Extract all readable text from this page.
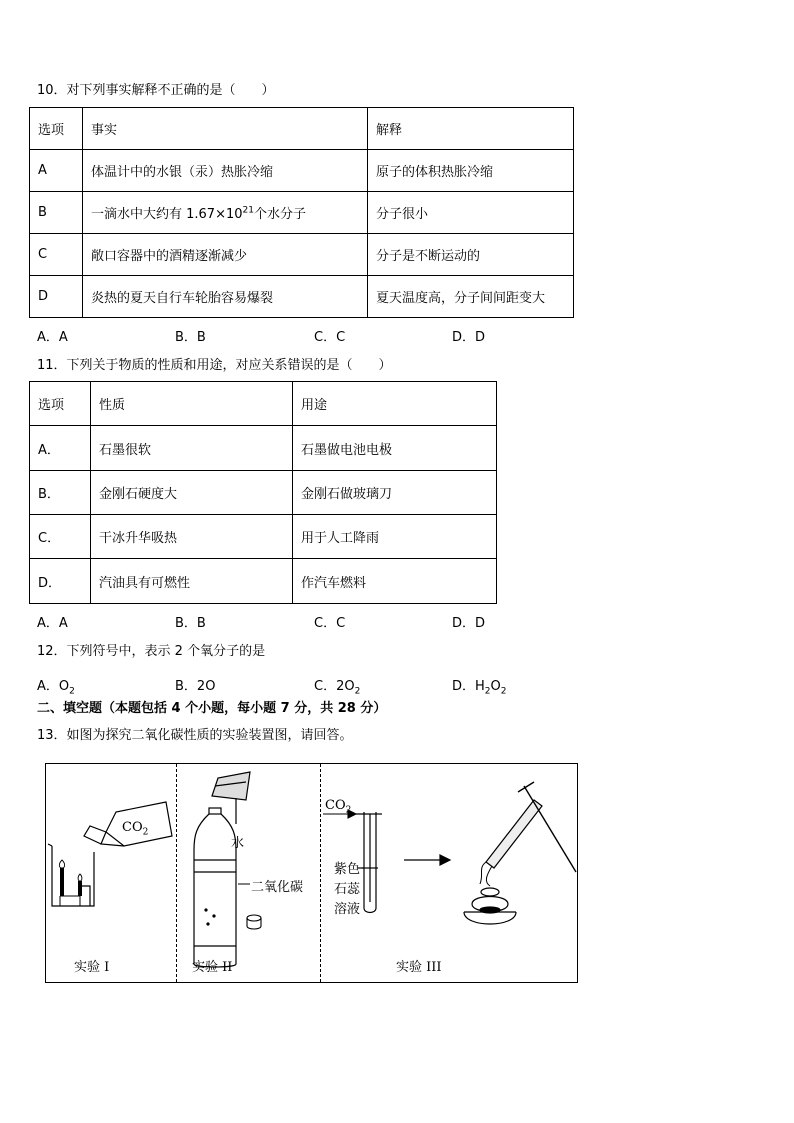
10．对下列事实解释不正确的是（　　）
选项	事实	解释
A	体温计中的水银（汞）热胀冷缩	原子的体积热胀冷缩
B	一滴水中大约有 $1.67\times 10^{21}$个水分子	分子很小
C	敞口容器中的酒精逐渐减少	分子是不断运动的
D	炎热的夏天自行车轮胎容易爆裂	夏天温度高，分子间间距变大
A．A	B．B	C．C	D．D
11．下列关于物质的性质和用途，对应关系错误的是（　　）
选项	性质	用途
A．	石墨很软	石墨做电池电极
B．	金刚石硬度大	金刚石做玻璃刀
C．	干冰升华吸热	用于人工降雨
D．	汽油具有可燃性	作汽车燃料
A．A	B．B	C．C	D．D
12．下列符号中，表示 2 个氧分子的是
A．$O_2$	B．2O	C．$2O_2$	D．$H_2O_2$
二、填空题（本题包括 4 个小题，每小题 7 分，共 28 分）
13．如图为探究二氧化碳性质的实验装置图，请回答。
$CO_2$
水
二氧化碳
$CO_2$
紫色
石蕊
溶液
实验 I	实验 II	实验 III
